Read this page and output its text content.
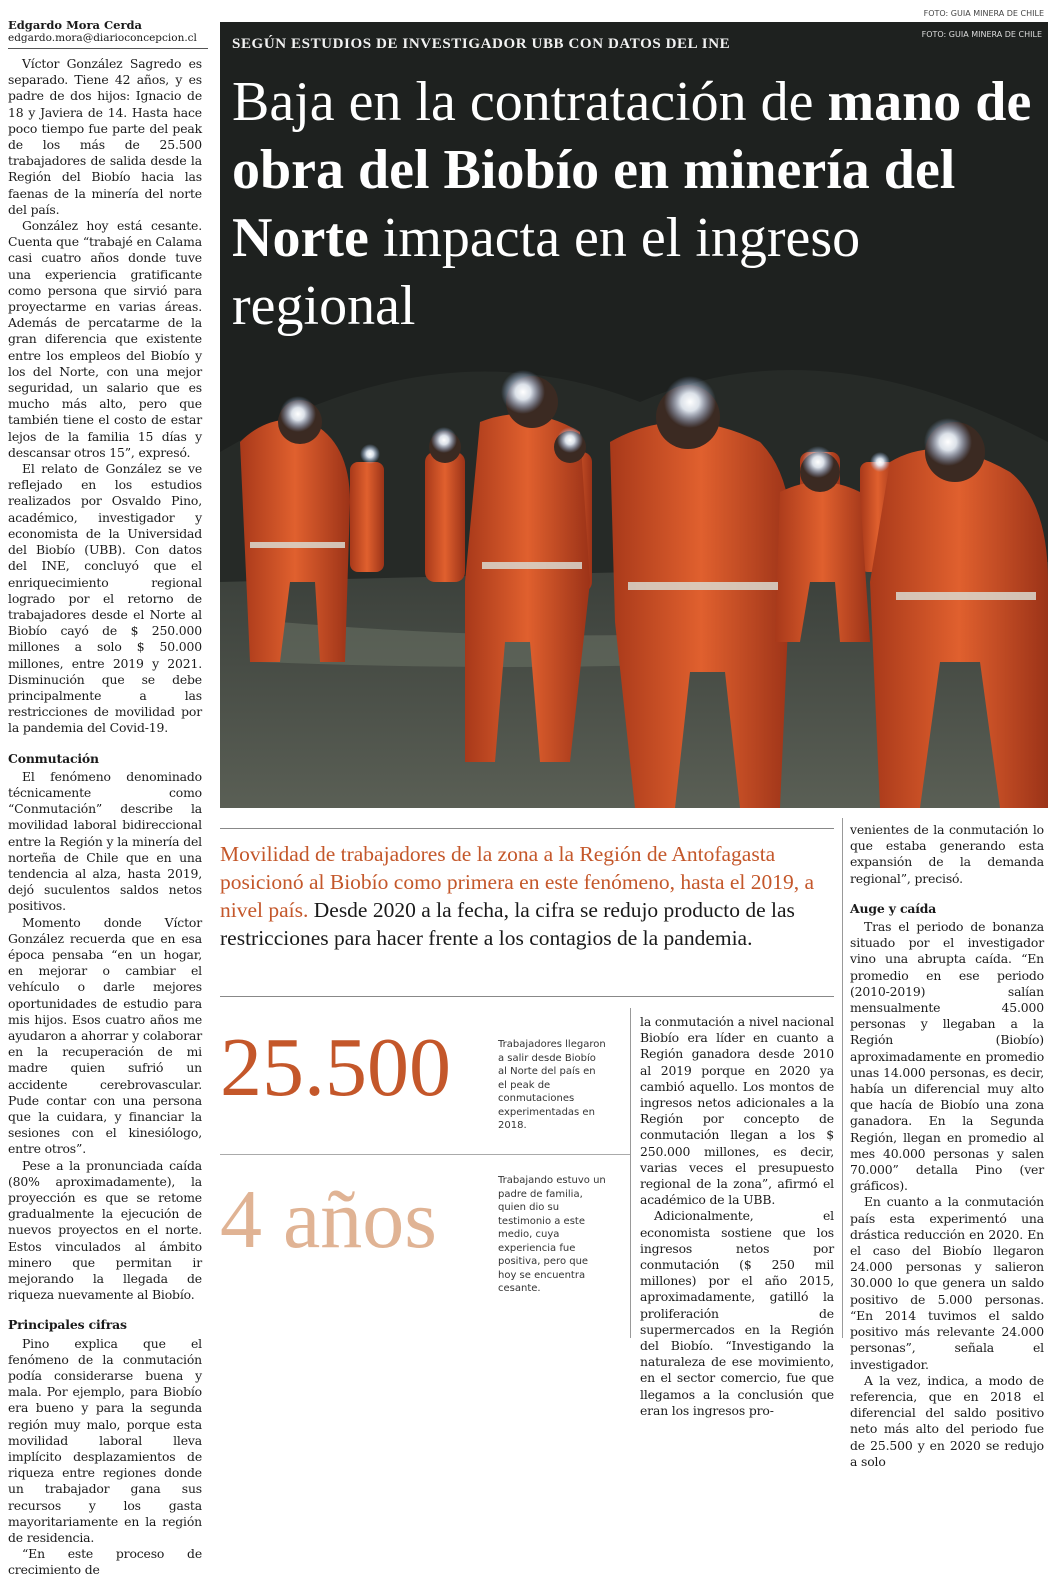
Edgardo Mora Cerda
edgardo.mora@diarioconcepcion.cl

Víctor González Sagredo es separado. Tiene 42 años, y es padre de dos hijos: Ignacio de 18 y Javiera de 14. Hasta hace poco tiempo fue parte del peak de los más de 25.500 trabajadores de salida desde la Región del Biobío hacia las faenas de la minería del norte del país.

González hoy está cesante. Cuenta que “trabajé en Calama casi cuatro años donde tuve una experiencia gratificante como persona que sirvió para proyectarme en varias áreas. Además de percatarme de la gran diferencia que existente entre los empleos del Biobío y los del Norte, con una mejor seguridad, un salario que es mucho más alto, pero que también tiene el costo de estar lejos de la familia 15 días y descansar otros 15”, expresó.

El relato de González se ve reflejado en los estudios realizados por Osvaldo Pino, académico, investigador y economista de la Universidad del Biobío (UBB). Con datos del INE, concluyó que el enriquecimiento regional logrado por el retorno de trabajadores desde el Norte al Biobío cayó de $ 250.000 millones a solo $ 50.000 millones, entre 2019 y 2021. Disminución que se debe principalmente a las restricciones de movilidad por la pandemia del Covid-19.

Conmutación

El fenómeno denominado técnicamente como “Conmutación” describe la movilidad laboral bidireccional entre la Región y la minería del norteña de Chile que en una tendencia al alza, hasta 2019, dejó suculentos saldos netos positivos.

Momento donde Víctor González recuerda que en esa época pensaba “en un hogar, en mejorar o cambiar el vehículo o darle mejores oportunidades de estudio para mis hijos. Esos cuatro años me ayudaron a ahorrar y colaborar en la recuperación de mi madre quien sufrió un accidente cerebrovascular. Pude contar con una persona que la cuidara, y financiar la sesiones con el kinesiólogo, entre otros”.

Pese a la pronunciada caída (80% aproximadamente), la proyección es que se retome gradualmente la ejecución de nuevos proyectos en el norte. Estos vinculados al ámbito minero que permitan ir mejorando la llegada de riqueza nuevamente al Biobío.

Principales cifras

Pino explica que el fenómeno de la conmutación podía considerarse buena y mala. Por ejemplo, para Biobío era bueno y para la segunda región muy malo, porque esta movilidad laboral lleva implícito desplazamientos de riqueza entre regiones donde un trabajador gana sus recursos y los gasta mayoritariamente en la región de residencia.

“En este proceso de crecimiento de

FOTO: GUIA MINERA DE CHILE
FOTO: GUIA MINERA DE CHILE
SEGÚN ESTUDIOS DE INVESTIGADOR UBB CON DATOS DEL INE
Baja en la contratación de mano de obra del Biobío en minería del Norte impacta en el ingreso regional

Movilidad de trabajadores de la zona a la Región de Antofagasta posicionó al Biobío como primera en este fenómeno, hasta el 2019, a nivel país. Desde 2020 a la fecha, la cifra se redujo producto de las restricciones para hacer frente a los contagios de la pandemia.

25.500	Trabajadores llegaron a salir desde Biobío al Norte del país en el peak de conmutaciones experimentadas en 2018.
4 años	Trabajando estuvo un padre de familia, quien dio su testimonio a este medio, cuya experiencia fue positiva, pero que hoy se encuentra cesante.

la conmutación a nivel nacional Biobío era líder en cuanto a Región ganadora desde 2010 al 2019 porque en 2020 ya cambió aquello. Los montos de ingresos netos adicionales a la Región por concepto de conmutación llegan a los $ 250.000 millones, es decir, varias veces el presupuesto regional de la zona”, afirmó el académico de la UBB.

Adicionalmente, el economista sostiene que los ingresos netos por conmutación ($ 250 mil millones) por el año 2015, aproximadamente, gatilló la proliferación de supermercados en la Región del Biobío. “Investigando la naturaleza de ese movimiento, en el sector comercio, fue que llegamos a la conclusión que eran los ingresos pro-

venientes de la conmutación lo que estaba generando esta expansión de la demanda regional”, precisó.

Auge y caída

Tras el periodo de bonanza situado por el investigador vino una abrupta caída. “En promedio en ese periodo (2010-2019) salían mensualmente 45.000 personas y llegaban a la Región (Biobío) aproximadamente en promedio unas 14.000 personas, es decir, había un diferencial muy alto que hacía de Biobío una zona ganadora. En la Segunda Región, llegan en promedio al mes 40.000 personas y salen 70.000” detalla Pino (ver gráficos).

En cuanto a la conmutación país esta experimentó una drástica reducción en 2020. En el caso del Biobío llegaron 24.000 personas y salieron 30.000 lo que genera un saldo positivo de 5.000 personas. “En 2014 tuvimos el saldo positivo más relevante 24.000 personas”, señala el investigador.

A la vez, indica, a modo de referencia, que en 2018 el diferencial del saldo positivo neto más alto del periodo fue de 25.500 y en 2020 se redujo a solo
